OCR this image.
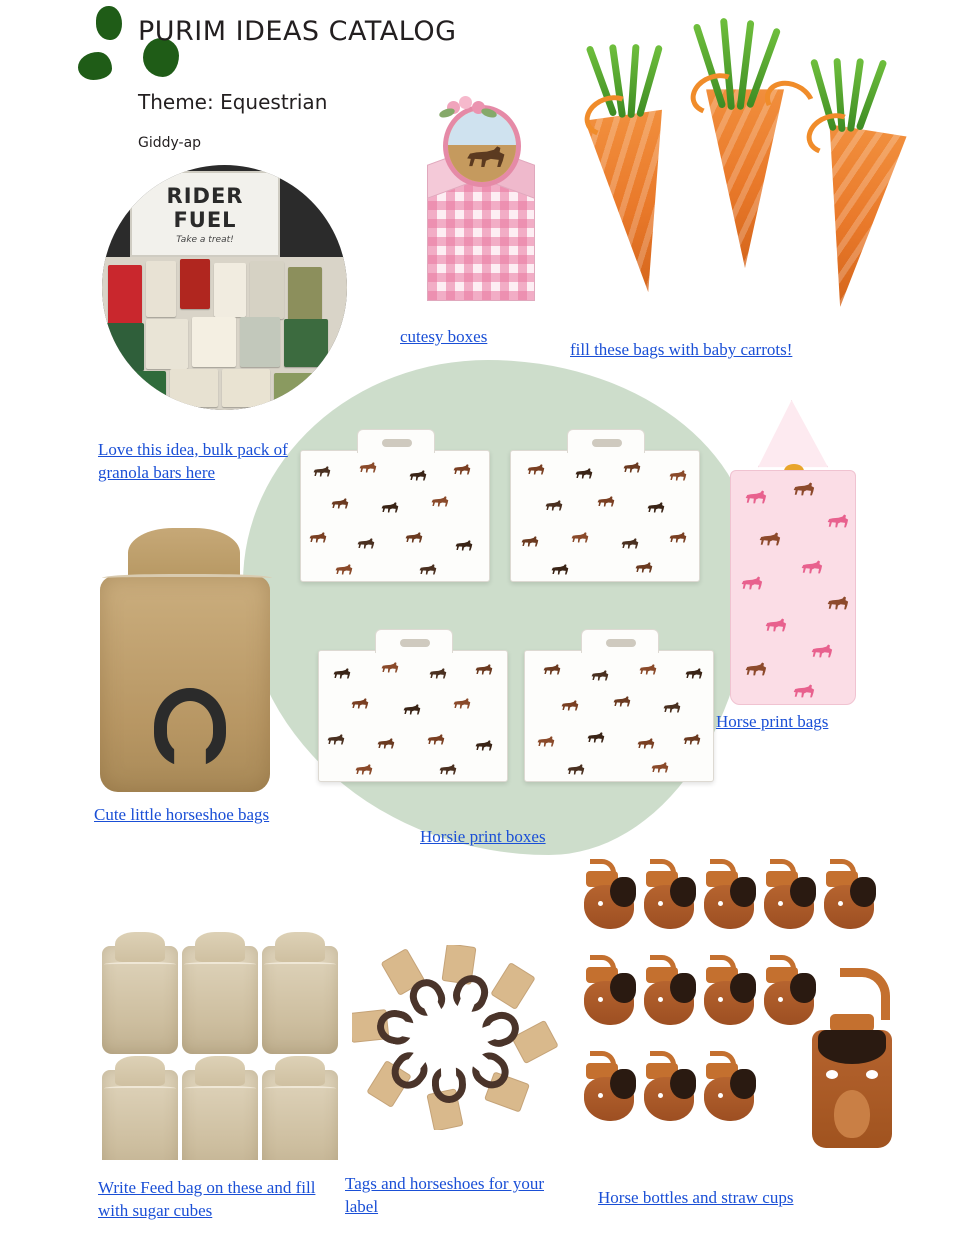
PURIM IDEAS CATALOG
Theme: Equestrian
Giddy-ap
RIDER
FUEL
Take a treat!
cutesy boxes
fill these bags with baby carrots!
Love this idea, bulk pack of granola bars here
Horse print bags
Cute little horseshoe bags
Horsie print boxes
Write Feed bag on these and fill with sugar cubes
Tags and horseshoes for your label	Horse bottles and straw cups
